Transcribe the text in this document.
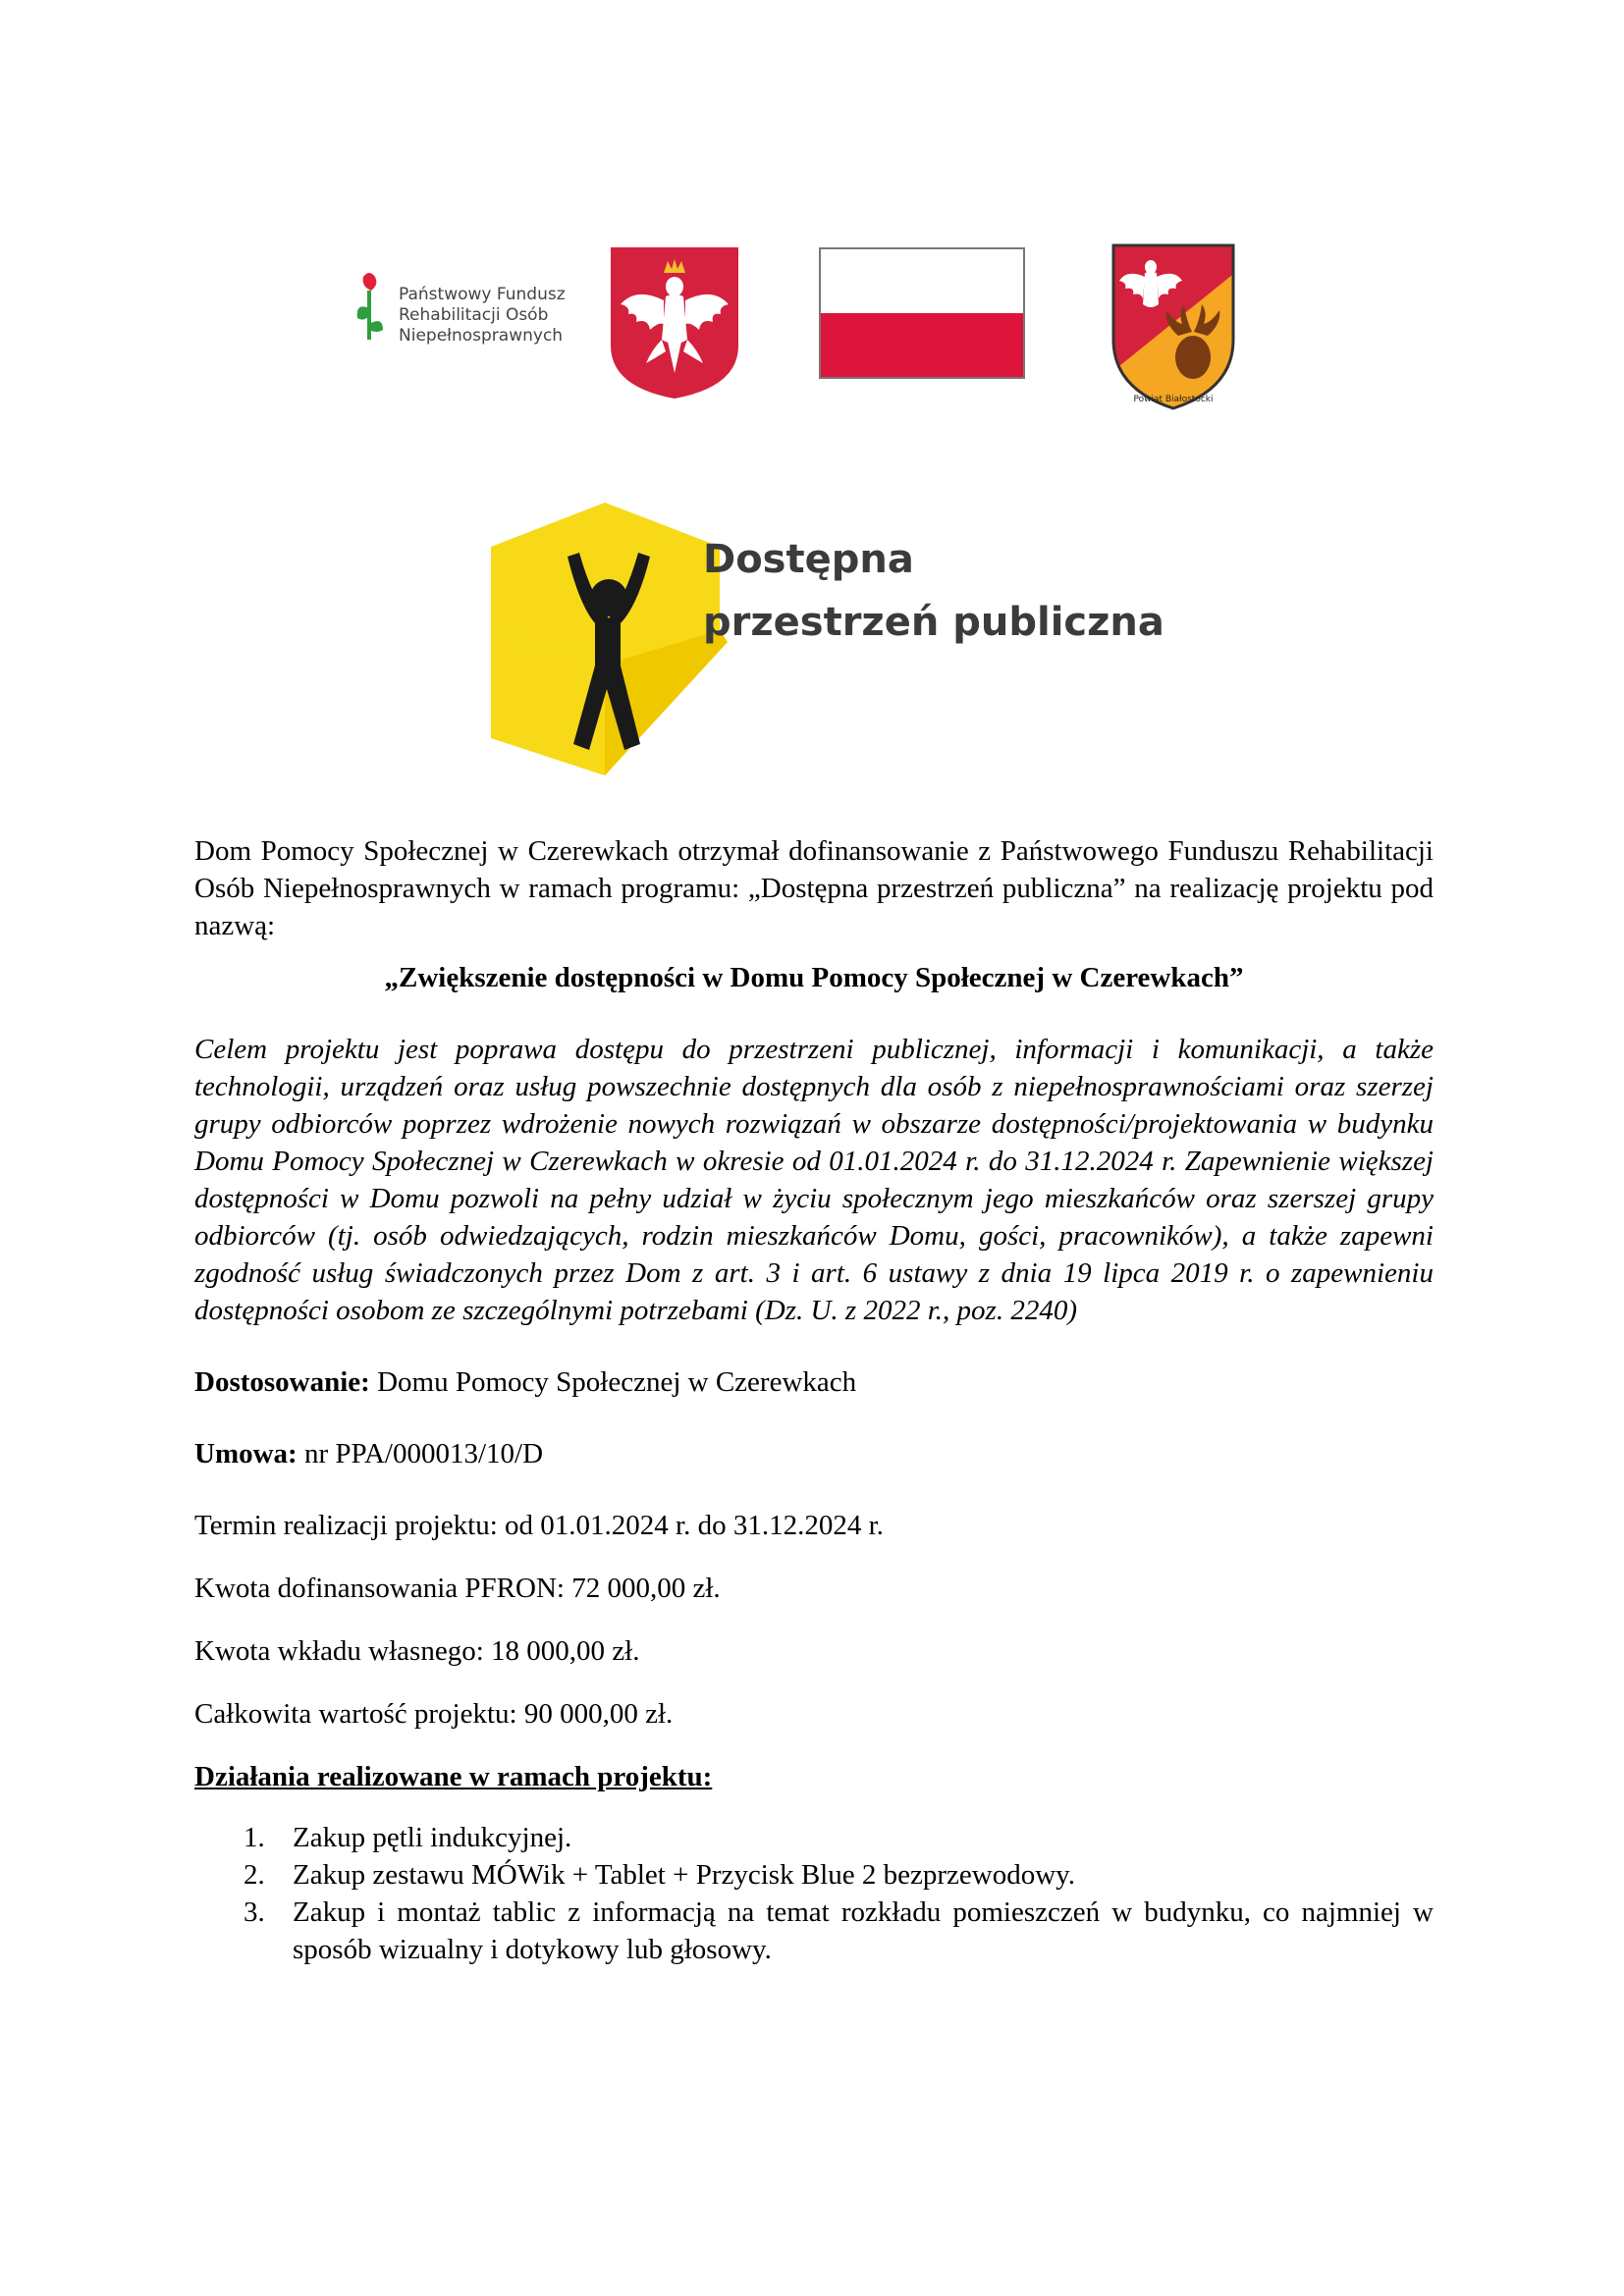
Państwowy Fundusz
Rehabilitacji Osób
Niepełnosprawnych
Powiat Białostocki
Dostępna
przestrzeń publiczna
Dom Pomocy Społecznej w Czerewkach otrzymał dofinansowanie z Państwowego Funduszu Rehabilitacji Osób Niepełnosprawnych w ramach programu: „Dostępna przestrzeń publiczna” na realizację projektu pod nazwą:
„Zwiększenie dostępności w Domu Pomocy Społecznej w Czerewkach”
Celem projektu jest poprawa dostępu do przestrzeni publicznej, informacji i komunikacji, a także technologii, urządzeń oraz usług powszechnie dostępnych dla osób z niepełnosprawnościami oraz szerzej grupy odbiorców poprzez wdrożenie nowych rozwiązań w obszarze dostępności/projektowania w budynku Domu Pomocy Społecznej w Czerewkach w okresie od 01.01.2024 r. do 31.12.2024 r. Zapewnienie większej dostępności w Domu pozwoli na pełny udział w życiu społecznym jego mieszkańców oraz szerszej grupy odbiorców (tj. osób odwiedzających, rodzin mieszkańców Domu, gości, pracowników), a także zapewni zgodność usług świadczonych przez Dom z art. 3 i art. 6 ustawy z dnia 19 lipca 2019 r. o zapewnieniu dostępności osobom ze szczególnymi potrzebami (Dz. U. z 2022 r., poz. 2240)
Dostosowanie: Domu Pomocy Społecznej w Czerewkach
Umowa: nr PPA/000013/10/D
Termin realizacji projektu: od 01.01.2024 r. do 31.12.2024 r.
Kwota dofinansowania PFRON: 72 000,00 zł.
Kwota wkładu własnego: 18 000,00 zł.
Całkowita wartość projektu: 90 000,00 zł.
Działania realizowane w ramach projektu:
1. Zakup pętli indukcyjnej.
2. Zakup zestawu MÓWik + Tablet + Przycisk Blue 2 bezprzewodowy.
3. Zakup i montaż tablic z informacją na temat rozkładu pomieszczeń w budynku, co najmniej w sposób wizualny i dotykowy lub głosowy.
